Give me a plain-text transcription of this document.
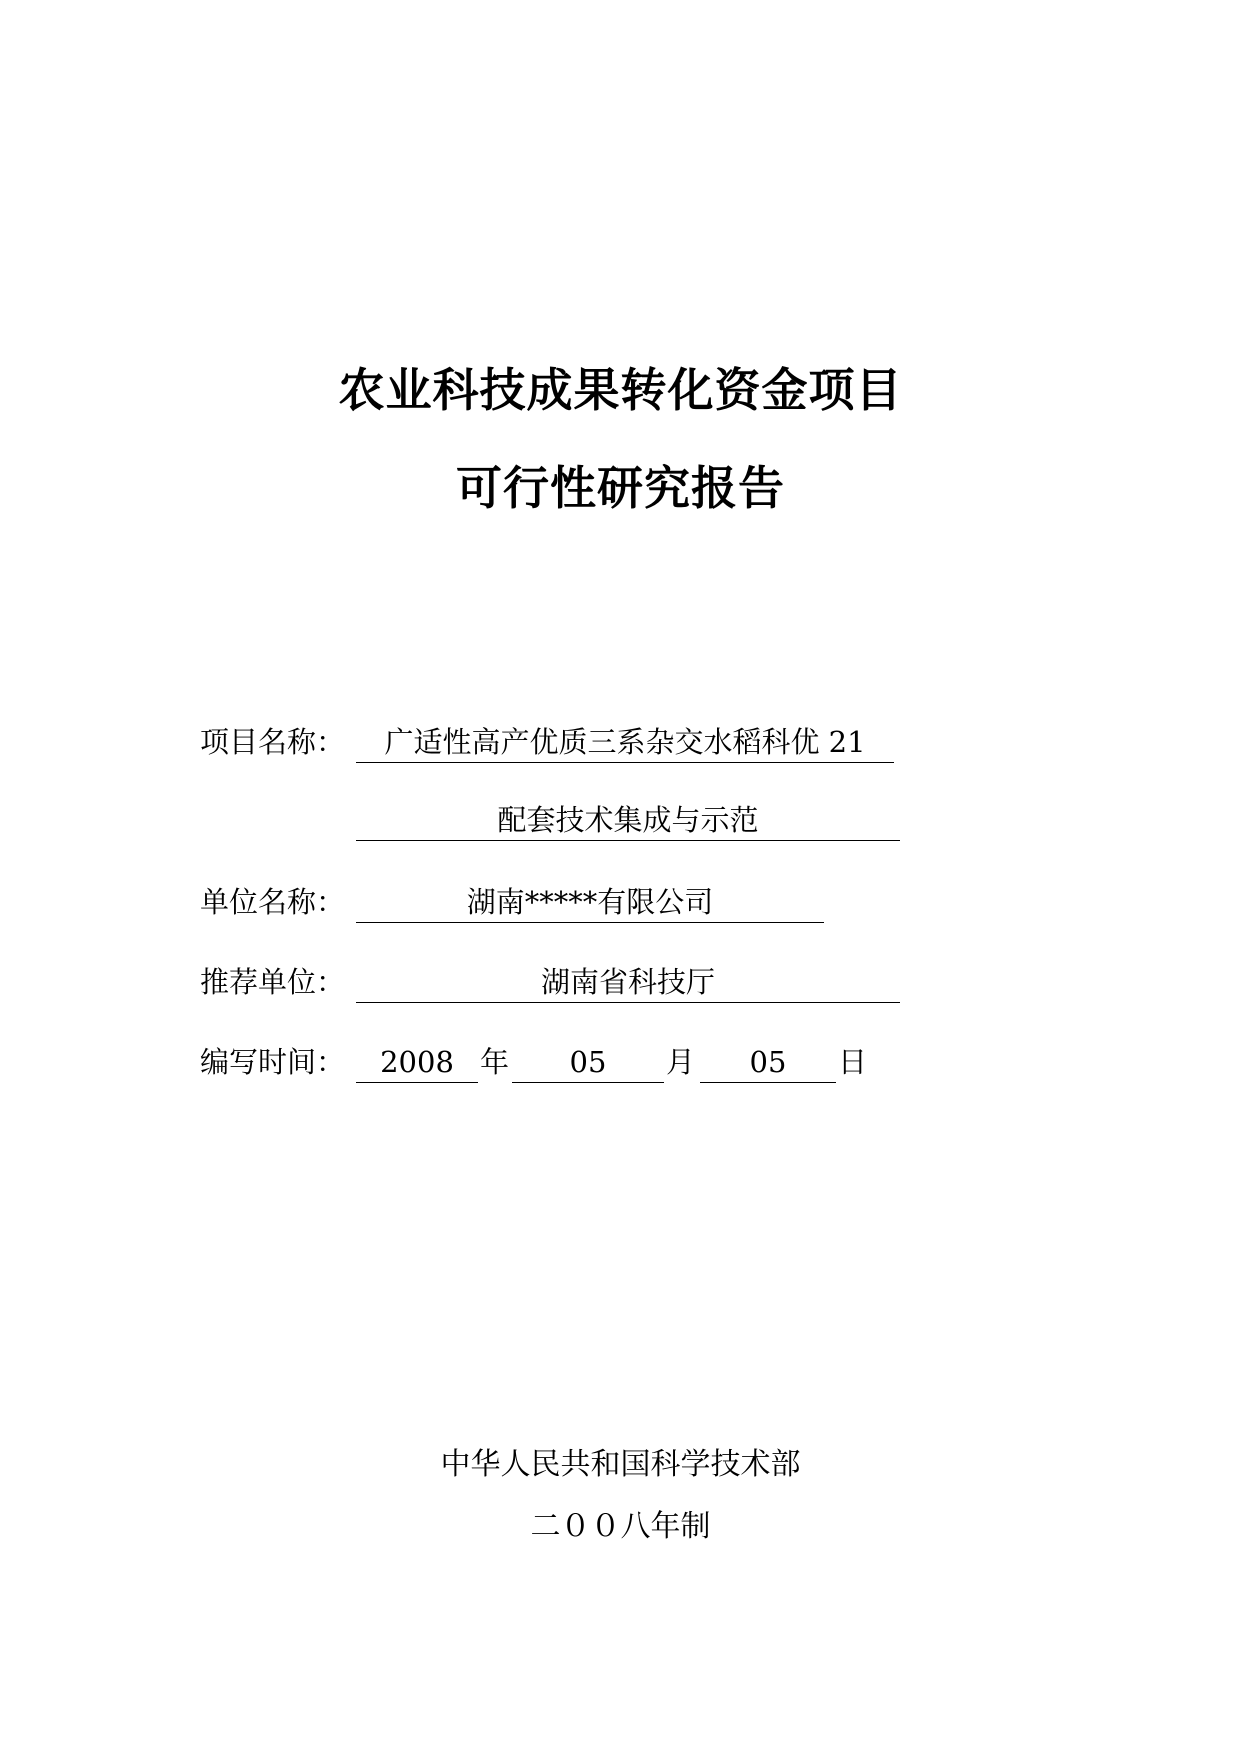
农业科技成果转化资金项目
可行性研究报告
项目名称：	广适性高产优质三系杂交水稻科优 21
配套技术集成与示范
单位名称：	湖南*****有限公司
推荐单位：	湖南省科技厅
编写时间：	2008 年	05	月	05	日
中华人民共和国科学技术部
二００八年制
